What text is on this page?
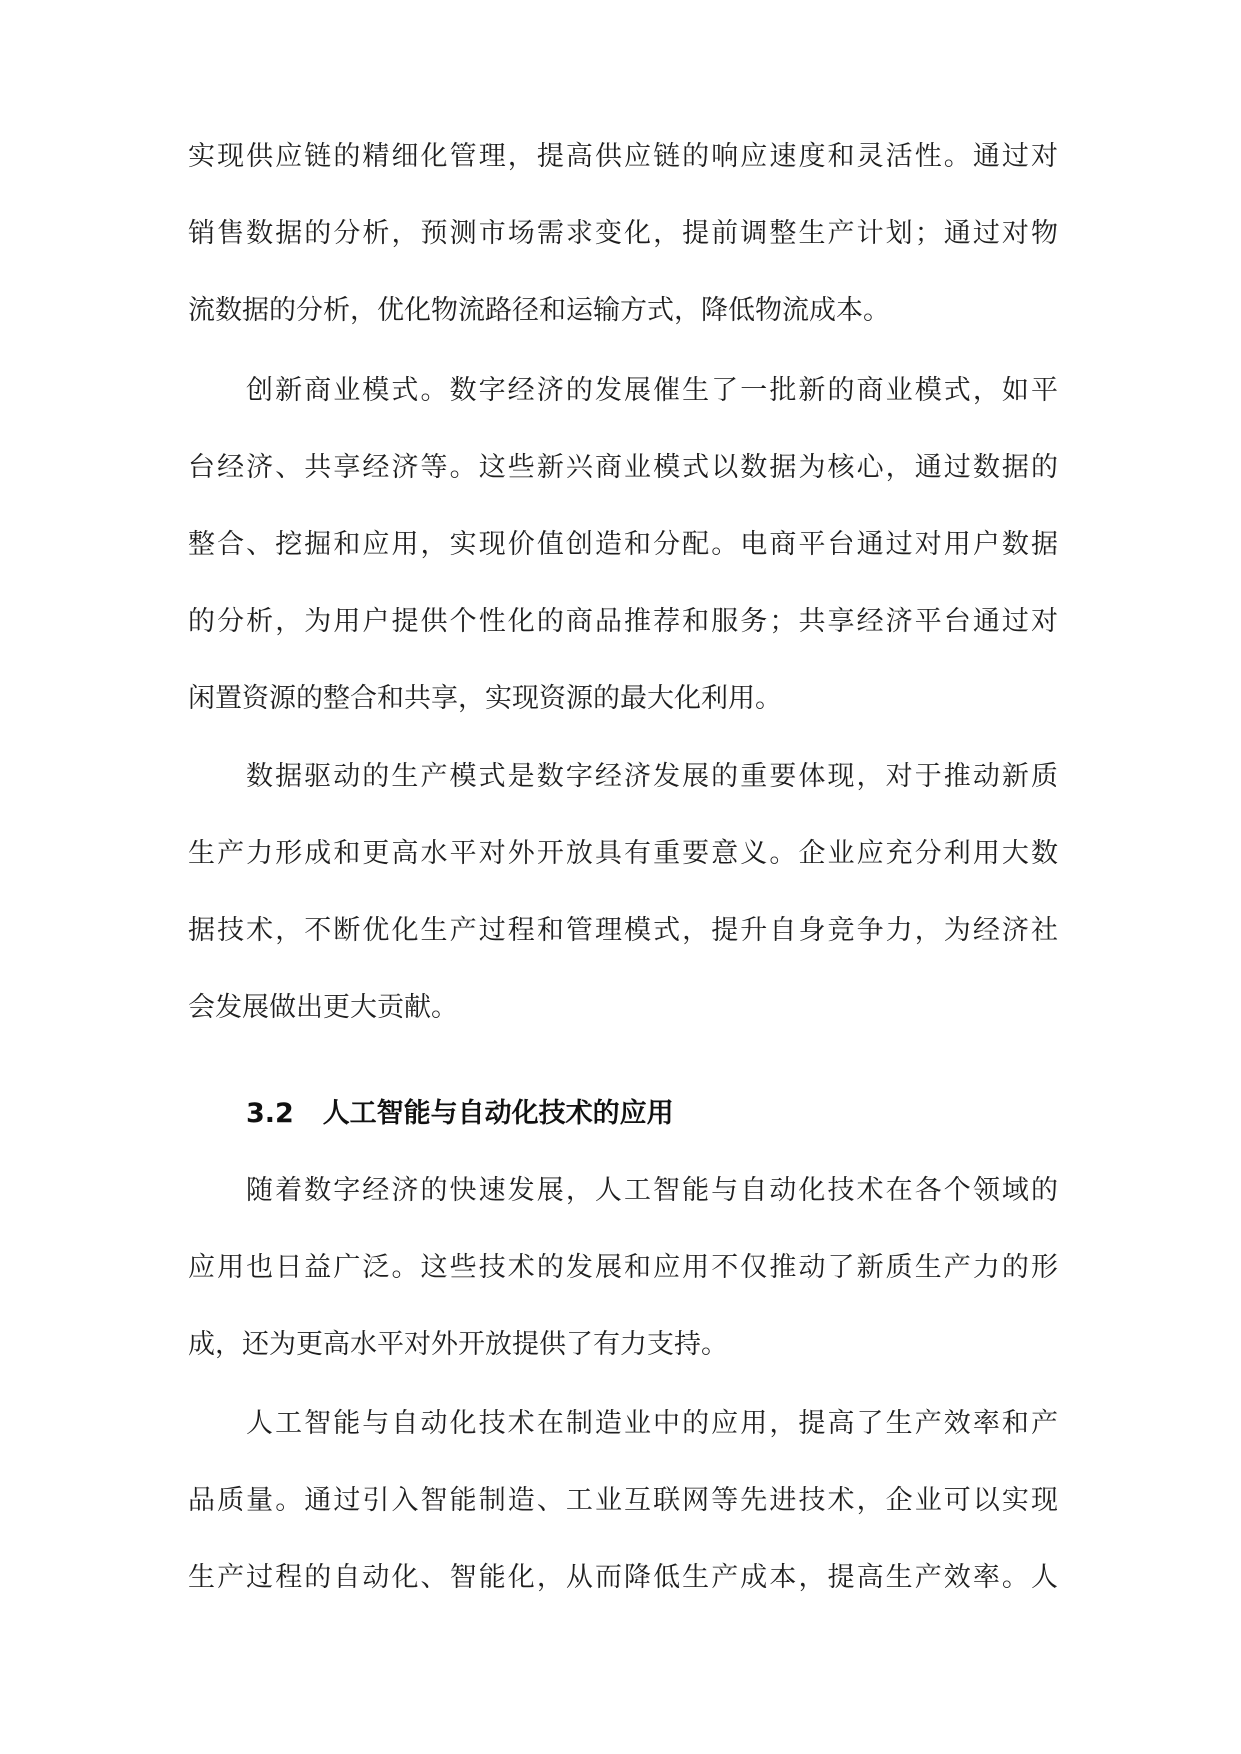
实现供应链的精细化管理，提高供应链的响应速度和灵活性。通过对
销售数据的分析，预测市场需求变化，提前调整生产计划；通过对物
流数据的分析，优化物流路径和运输方式，降低物流成本。
创新商业模式。数字经济的发展催生了一批新的商业模式，如平
台经济、共享经济等。这些新兴商业模式以数据为核心，通过数据的
整合、挖掘和应用，实现价值创造和分配。电商平台通过对用户数据
的分析，为用户提供个性化的商品推荐和服务；共享经济平台通过对
闲置资源的整合和共享，实现资源的最大化利用。
数据驱动的生产模式是数字经济发展的重要体现，对于推动新质
生产力形成和更高水平对外开放具有重要意义。企业应充分利用大数
据技术，不断优化生产过程和管理模式，提升自身竞争力，为经济社
会发展做出更大贡献。
3.2 人工智能与自动化技术的应用
随着数字经济的快速发展，人工智能与自动化技术在各个领域的
应用也日益广泛。这些技术的发展和应用不仅推动了新质生产力的形
成，还为更高水平对外开放提供了有力支持。
人工智能与自动化技术在制造业中的应用，提高了生产效率和产
品质量。通过引入智能制造、工业互联网等先进技术，企业可以实现
生产过程的自动化、智能化，从而降低生产成本，提高生产效率。人
